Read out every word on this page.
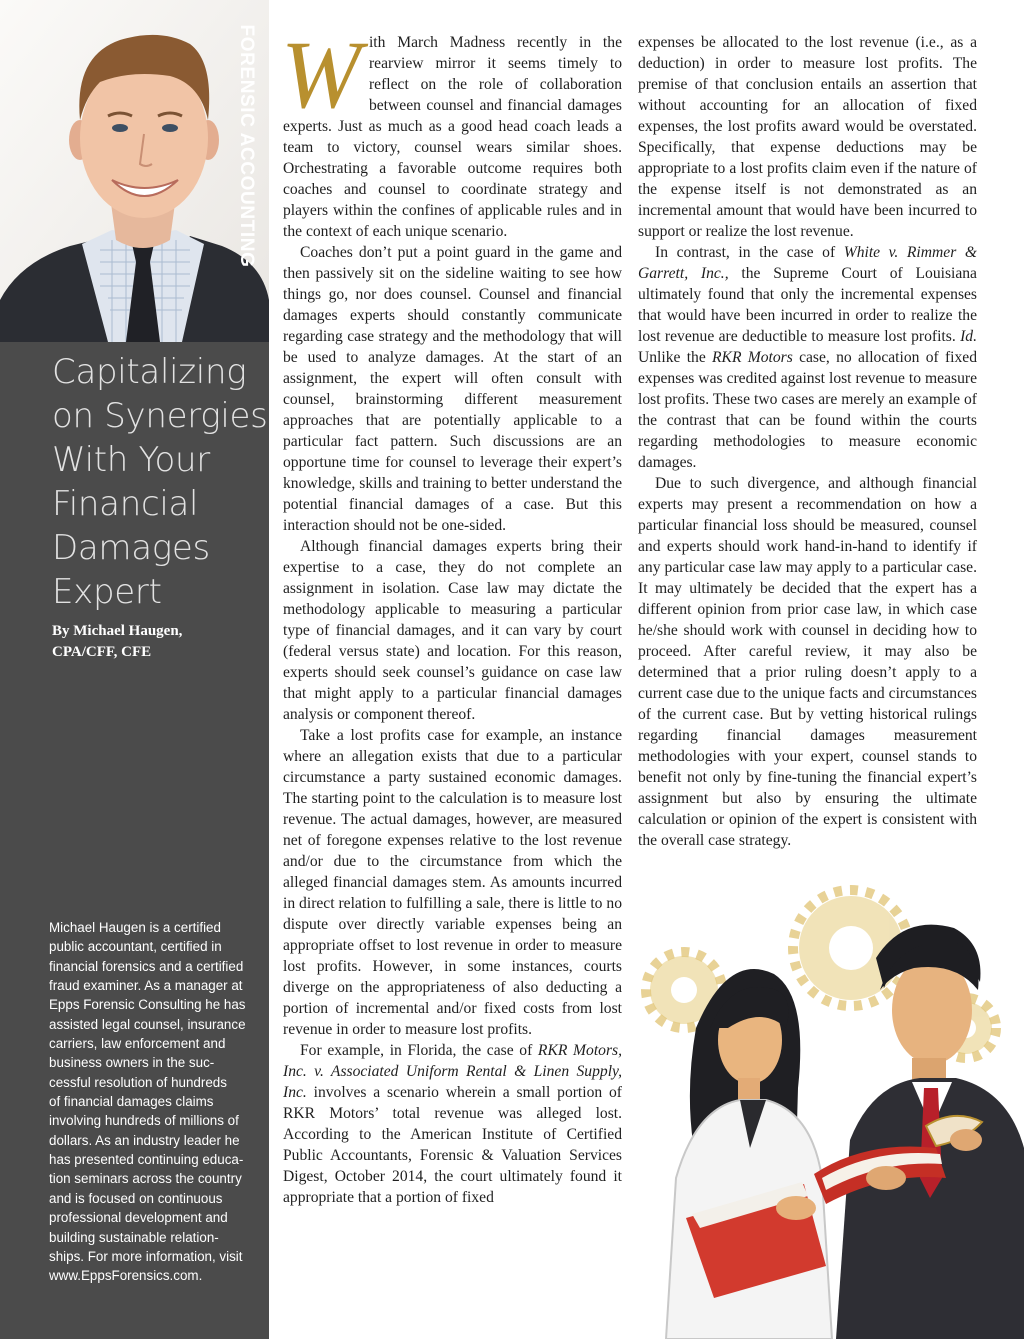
FORENSIC ACCOUNTING
Capitalizing
on Synergies
With Your
Financial
Damages
Expert
By Michael Haugen,
CPA/CFF, CFE
Michael Haugen is a certified
public accountant, certified in
financial forensics and a certified
fraud examiner. As a manager at
Epps Forensic Consulting he has
assisted legal counsel, insurance
carriers, law enforcement and
business owners in the suc-
cessful resolution of hundreds
of financial damages claims
involving hundreds of millions of
dollars. As an industry leader he
has presented continuing educa-
tion seminars across the country
and is focused on continuous
professional development and
building sustainable relation-
ships. For more information, visit
www.EppsForensics.com.

With March Madness recently in the rearview mirror it seems timely to reflect on the role of collaboration between counsel and financial damages experts. Just as much as a good head coach leads a team to victory, counsel wears similar shoes. Orchestrating a favorable outcome requires both coaches and counsel to coordinate strategy and players within the confines of applicable rules and in the context of each unique scenario.

Coaches don’t put a point guard in the game and then passively sit on the sideline waiting to see how things go, nor does counsel. Counsel and financial damages experts should constantly communicate regarding case strategy and the methodology that will be used to analyze damages. At the start of an assignment, the expert will often consult with counsel, brainstorming different measurement approaches that are potentially applicable to a particular fact pattern. Such discussions are an opportune time for counsel to leverage their expert’s knowledge, skills and training to better understand the potential financial damages of a case. But this interaction should not be one-sided.

Although financial damages experts bring their expertise to a case, they do not complete an assignment in isolation. Case law may dictate the methodology applicable to measuring a particular type of financial damages, and it can vary by court (federal versus state) and location. For this reason, experts should seek counsel’s guidance on case law that might apply to a particular financial damages analysis or component thereof.

Take a lost profits case for example, an instance where an allegation exists that due to a particular circumstance a party sustained economic damages. The starting point to the calculation is to measure lost revenue. The actual damages, however, are measured net of foregone expenses relative to the lost revenue and/or due to the circumstance from which the alleged financial damages stem. As amounts incurred in direct relation to fulfilling a sale, there is little to no dispute over directly variable expenses being an appropriate offset to lost revenue in order to measure lost profits. However, in some instances, courts diverge on the appropriateness of also deducting a portion of incremental and/or fixed costs from lost revenue in order to measure lost profits.

For example, in Florida, the case of RKR Motors, Inc. v. Associated Uniform Rental & Linen Supply, Inc. involves a scenario wherein a small portion of RKR Motors’ total revenue was alleged lost. According to the American Institute of Certified Public Accountants, Forensic & Valuation Services Digest, October 2014, the court ultimately found it appropriate that a portion of fixed

expenses be allocated to the lost revenue (i.e., as a deduction) in order to measure lost profits. The premise of that conclusion entails an assertion that without accounting for an allocation of fixed expenses, the lost profits award would be overstated. Specifically, that expense deductions may be appropriate to a lost profits claim even if the nature of the expense itself is not demonstrated as an incremental amount that would have been incurred to support or realize the lost revenue.

In contrast, in the case of White v. Rimmer & Garrett, Inc., the Supreme Court of Louisiana ultimately found that only the incremental expenses that would have been incurred in order to realize the lost revenue are deductible to measure lost profits. Id. Unlike the RKR Motors case, no allocation of fixed expenses was credited against lost revenue to measure lost profits. These two cases are merely an example of the contrast that can be found within the courts regarding methodologies to measure economic damages.

Due to such divergence, and although financial experts may present a recommendation on how a particular financial loss should be measured, counsel and experts should work hand-in-hand to identify if any particular case law may apply to a particular case. It may ultimately be decided that the expert has a different opinion from prior case law, in which case he/she should work with counsel in deciding how to proceed. After careful review, it may also be determined that a prior ruling doesn’t apply to a current case due to the unique facts and circumstances of the current case. But by vetting historical rulings regarding financial damages measurement methodologies with your expert, counsel stands to benefit not only by fine-tuning the financial expert’s assignment but also by ensuring the ultimate calculation or opinion of the expert is consistent with the overall case strategy.
